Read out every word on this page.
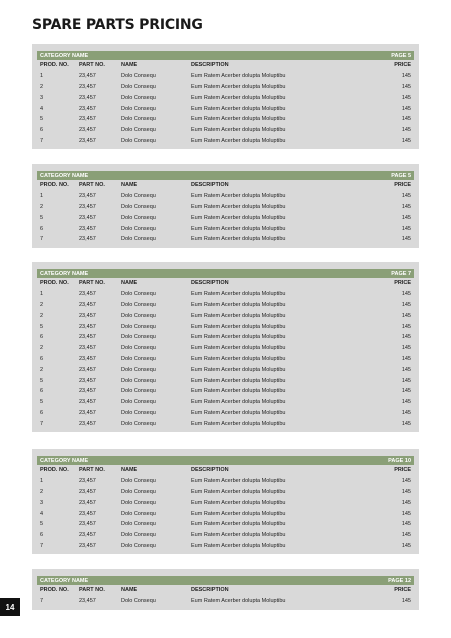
SPARE PARTS PRICING
CATEGORY NAME	PAGE 5
PROD. NO.	PART NO.	NAME	DESCRIPTION	PRICE
1	23,457	Dolo Consequ	Eum Ratem Acerber dolupta Moluptibu	145
2	23,457	Dolo Consequ	Eum Ratem Acerber dolupta Moluptibu	145
3	23,457	Dolo Consequ	Eum Ratem Acerber dolupta Moluptibu	145
4	23,457	Dolo Consequ	Eum Ratem Acerber dolupta Moluptibu	145
5	23,457	Dolo Consequ	Eum Ratem Acerber dolupta Moluptibu	145
6	23,457	Dolo Consequ	Eum Ratem Acerber dolupta Moluptibu	145
7	23,457	Dolo Consequ	Eum Ratem Acerber dolupta Moluptibu	145
CATEGORY NAME	PAGE 5
PROD. NO.	PART NO.	NAME	DESCRIPTION	PRICE
1	23,457	Dolo Consequ	Eum Ratem Acerber dolupta Moluptibu	145
2	23,457	Dolo Consequ	Eum Ratem Acerber dolupta Moluptibu	145
5	23,457	Dolo Consequ	Eum Ratem Acerber dolupta Moluptibu	145
6	23,457	Dolo Consequ	Eum Ratem Acerber dolupta Moluptibu	145
7	23,457	Dolo Consequ	Eum Ratem Acerber dolupta Moluptibu	145
CATEGORY NAME	PAGE 7
PROD. NO.	PART NO.	NAME	DESCRIPTION	PRICE
1	23,457	Dolo Consequ	Eum Ratem Acerber dolupta Moluptibu	145
2	23,457	Dolo Consequ	Eum Ratem Acerber dolupta Moluptibu	145
2	23,457	Dolo Consequ	Eum Ratem Acerber dolupta Moluptibu	145
5	23,457	Dolo Consequ	Eum Ratem Acerber dolupta Moluptibu	145
6	23,457	Dolo Consequ	Eum Ratem Acerber dolupta Moluptibu	145
2	23,457	Dolo Consequ	Eum Ratem Acerber dolupta Moluptibu	145
6	23,457	Dolo Consequ	Eum Ratem Acerber dolupta Moluptibu	145
2	23,457	Dolo Consequ	Eum Ratem Acerber dolupta Moluptibu	145
5	23,457	Dolo Consequ	Eum Ratem Acerber dolupta Moluptibu	145
6	23,457	Dolo Consequ	Eum Ratem Acerber dolupta Moluptibu	145
5	23,457	Dolo Consequ	Eum Ratem Acerber dolupta Moluptibu	145
6	23,457	Dolo Consequ	Eum Ratem Acerber dolupta Moluptibu	145
7	23,457	Dolo Consequ	Eum Ratem Acerber dolupta Moluptibu	145
CATEGORY NAME	PAGE 10
PROD. NO.	PART NO.	NAME	DESCRIPTION	PRICE
1	23,457	Dolo Consequ	Eum Ratem Acerber dolupta Moluptibu	145
2	23,457	Dolo Consequ	Eum Ratem Acerber dolupta Moluptibu	145
3	23,457	Dolo Consequ	Eum Ratem Acerber dolupta Moluptibu	145
4	23,457	Dolo Consequ	Eum Ratem Acerber dolupta Moluptibu	145
5	23,457	Dolo Consequ	Eum Ratem Acerber dolupta Moluptibu	145
6	23,457	Dolo Consequ	Eum Ratem Acerber dolupta Moluptibu	145
7	23,457	Dolo Consequ	Eum Ratem Acerber dolupta Moluptibu	145
CATEGORY NAME	PAGE 12
PROD. NO.	PART NO.	NAME	DESCRIPTION	PRICE
7	23,457	Dolo Consequ	Eum Ratem Acerber dolupta Moluptibu	145
14
